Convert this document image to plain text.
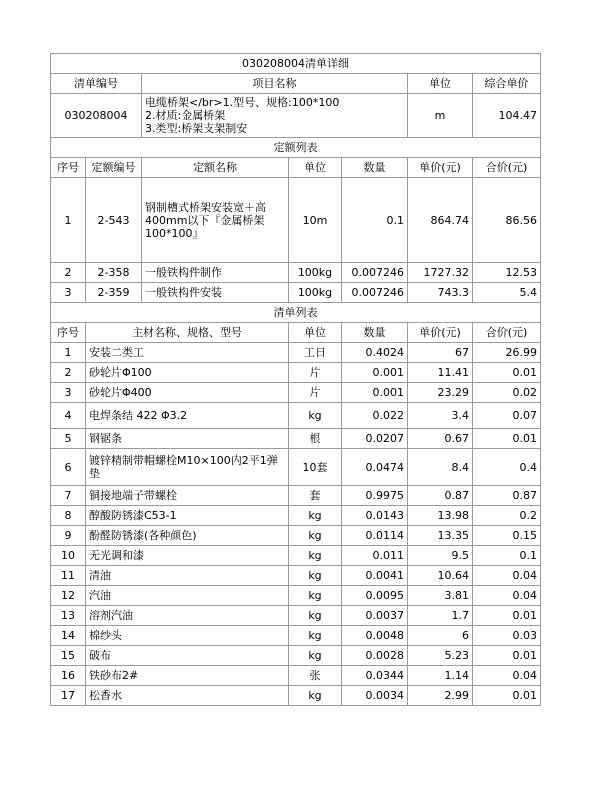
030208004清单详细						
清单编号		项目名称			单位	综合单价
030208004		电缆桥架</br>1.型号、规格:100*100
2.材质:金属桥架
3.类型:桥架支架制安			m	104.47
定额列表						
序号	定额编号	定额名称	单位	数量	单价(元)	合价(元)
1	2-543	钢制槽式桥架安装宽＋高400mm以下『金属桥架100*100』	10m	0.1	864.74	86.56
2	2-358	一般铁构件制作	100kg	0.007246	1727.32	12.53
3	2-359	一般铁构件安装	100kg	0.007246	743.3	5.4
清单列表						
序号	主材名称、规格、型号		单位	数量	单价(元)	合价(元)
1	安装二类工		工日	0.4024	67	26.99
2	砂轮片Φ100		片	0.001	11.41	0.01
3	砂轮片Φ400		片	0.001	23.29	0.02
4	电焊条结 422 Φ3.2		kg	0.022	3.4	0.07
5	钢锯条		根	0.0207	0.67	0.01
6	镀锌精制带帽螺栓M10×100内2平1弹垫		10套	0.0474	8.4	0.4
7	铜接地端子带螺栓		套	0.9975	0.87	0.87
8	醇酸防锈漆C53-1		kg	0.0143	13.98	0.2
9	酚醛防锈漆(各种颜色)		kg	0.0114	13.35	0.15
10	无光调和漆		kg	0.011	9.5	0.1
11	清油		kg	0.0041	10.64	0.04
12	汽油		kg	0.0095	3.81	0.04
13	溶剂汽油		kg	0.0037	1.7	0.01
14	棉纱头		kg	0.0048	6	0.03
15	破布		kg	0.0028	5.23	0.01
16	铁砂布2#		张	0.0344	1.14	0.04
17	松香水		kg	0.0034	2.99	0.01
